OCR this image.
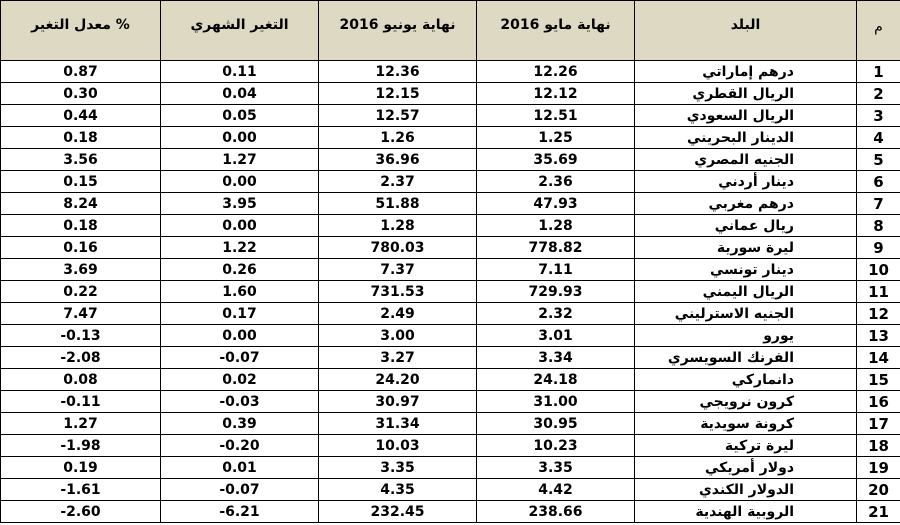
معدل التغير %	التغير الشهري	نهاية يونيو 2016	نهاية مايو 2016	البلد	م
0.87	0.11	12.36	12.26	درهم إماراتي	1
0.30	0.04	12.15	12.12	الريال القطري	2
0.44	0.05	12.57	12.51	الريال السعودي	3
0.18	0.00	1.26	1.25	الدينار البحريني	4
3.56	1.27	36.96	35.69	الجنيه المصري	5
0.15	0.00	2.37	2.36	دينار أردني	6
8.24	3.95	51.88	47.93	درهم مغربي	7
0.18	0.00	1.28	1.28	ريال عماني	8
0.16	1.22	780.03	778.82	ليرة سورية	9
3.69	0.26	7.37	7.11	دينار تونسي	10
0.22	1.60	731.53	729.93	الريال اليمني	11
7.47	0.17	2.49	2.32	الجنيه الاسترليني	12
-0.13	0.00	3.00	3.01	يورو	13
-2.08	-0.07	3.27	3.34	الفرنك السويسري	14
0.08	0.02	24.20	24.18	دانماركي	15
-0.11	-0.03	30.97	31.00	كرون نرويجي	16
1.27	0.39	31.34	30.95	كرونة سويدية	17
-1.98	-0.20	10.03	10.23	ليرة تركية	18
0.19	0.01	3.35	3.35	دولار أمريكي	19
-1.61	-0.07	4.35	4.42	الدولار الكندي	20
-2.60	-6.21	232.45	238.66	الروبية الهندية	21
